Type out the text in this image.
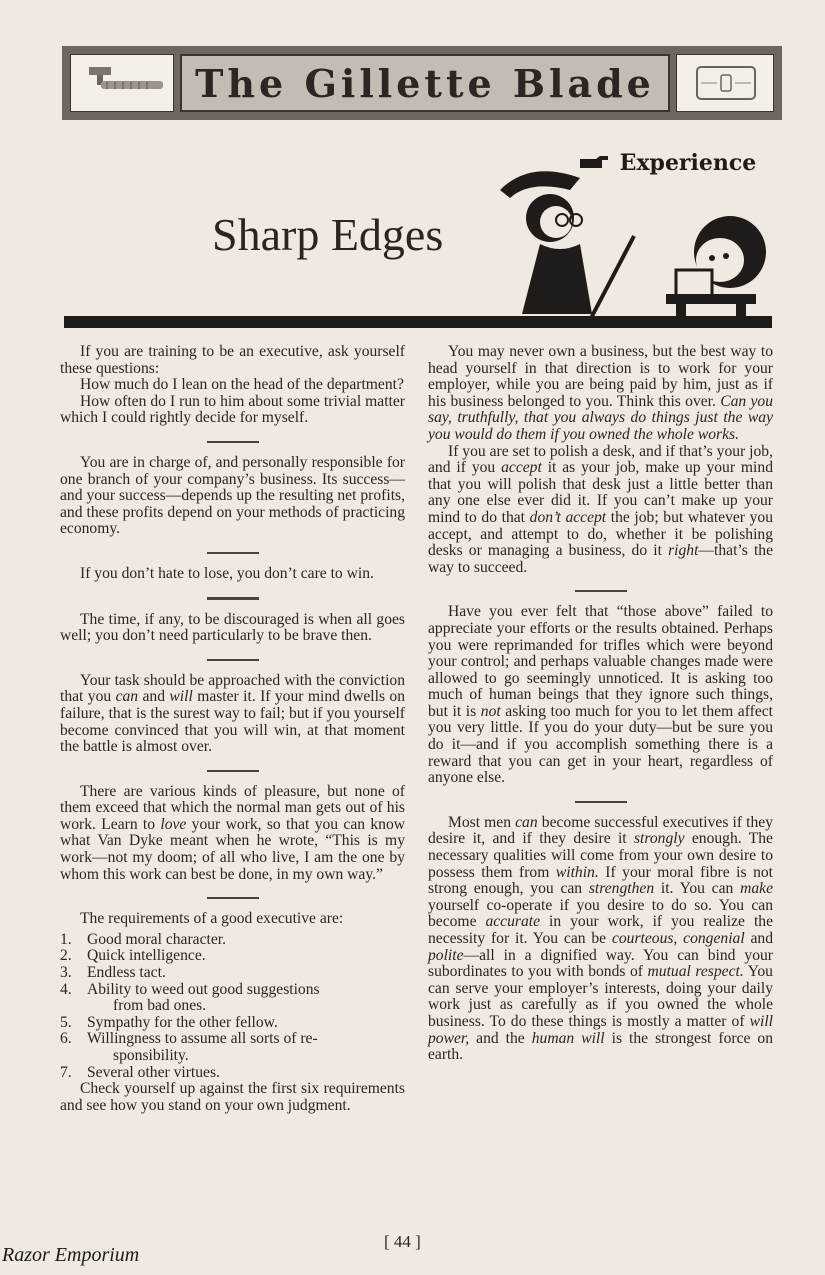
The Gillette Blade
Experience
Sharp Edges

If you are training to be an executive, ask yourself these questions:

How much do I lean on the head of the department?

How often do I run to him about some trivial matter which I could rightly decide for myself.

You are in charge of, and personally responsible for one branch of your company’s business. Its success—and your success—depends up the resulting net profits, and these profits depend on your methods of practicing economy.

If you don’t hate to lose, you don’t care to win.

The time, if any, to be discouraged is when all goes well; you don’t need particularly to be brave then.

Your task should be approached with the conviction that you can and will master it. If your mind dwells on failure, that is the surest way to fail; but if you yourself become convinced that you will win, at that moment the battle is almost over.

There are various kinds of pleasure, but none of them exceed that which the normal man gets out of his work. Learn to love your work, so that you can know what Van Dyke meant when he wrote, “This is my work—not my doom; of all who live, I am the one by whom this work can best be done, in my own way.”

The requirements of a good executive are:

1. Good moral character.
2. Quick intelligence.
3. Endless tact.
4. Ability to weed out good suggestions
from bad ones.
5. Sympathy for the other fellow.
6. Willingness to assume all sorts of re-
sponsibility.
7. Several other virtues.

Check yourself up against the first six requirements and see how you stand on your own judgment.

You may never own a business, but the best way to head yourself in that direction is to work for your employer, while you are being paid by him, just as if his business belonged to you. Think this over. Can you say, truthfully, that you always do things just the way you would do them if you owned the whole works.

If you are set to polish a desk, and if that’s your job, and if you accept it as your job, make up your mind that you will polish that desk just a little better than any one else ever did it. If you can’t make up your mind to do that don’t accept the job; but whatever you accept, and attempt to do, whether it be polishing desks or managing a business, do it right—that’s the way to succeed.

Have you ever felt that “those above” failed to appreciate your efforts or the results obtained. Perhaps you were reprimanded for trifles which were beyond your control; and perhaps valuable changes made were allowed to go seemingly unnoticed. It is asking too much of human beings that they ignore such things, but it is not asking too much for you to let them affect you very little. If you do your duty—but be sure you do it—and if you accomplish something there is a reward that you can get in your heart, regardless of anyone else.

Most men can become successful executives if they desire it, and if they desire it strongly enough. The necessary qualities will come from your own desire to possess them from within. If your moral fibre is not strong enough, you can strengthen it. You can make yourself co-operate if you desire to do so. You can become accurate in your work, if you realize the necessity for it. You can be courteous, congenial and polite—all in a dignified way. You can bind your subordinates to you with bonds of mutual respect. You can serve your employer’s interests, doing your daily work just as carefully as if you owned the whole business. To do these things is mostly a matter of will power, and the human will is the strongest force on earth.

[ 44 ]
Razor Emporium
